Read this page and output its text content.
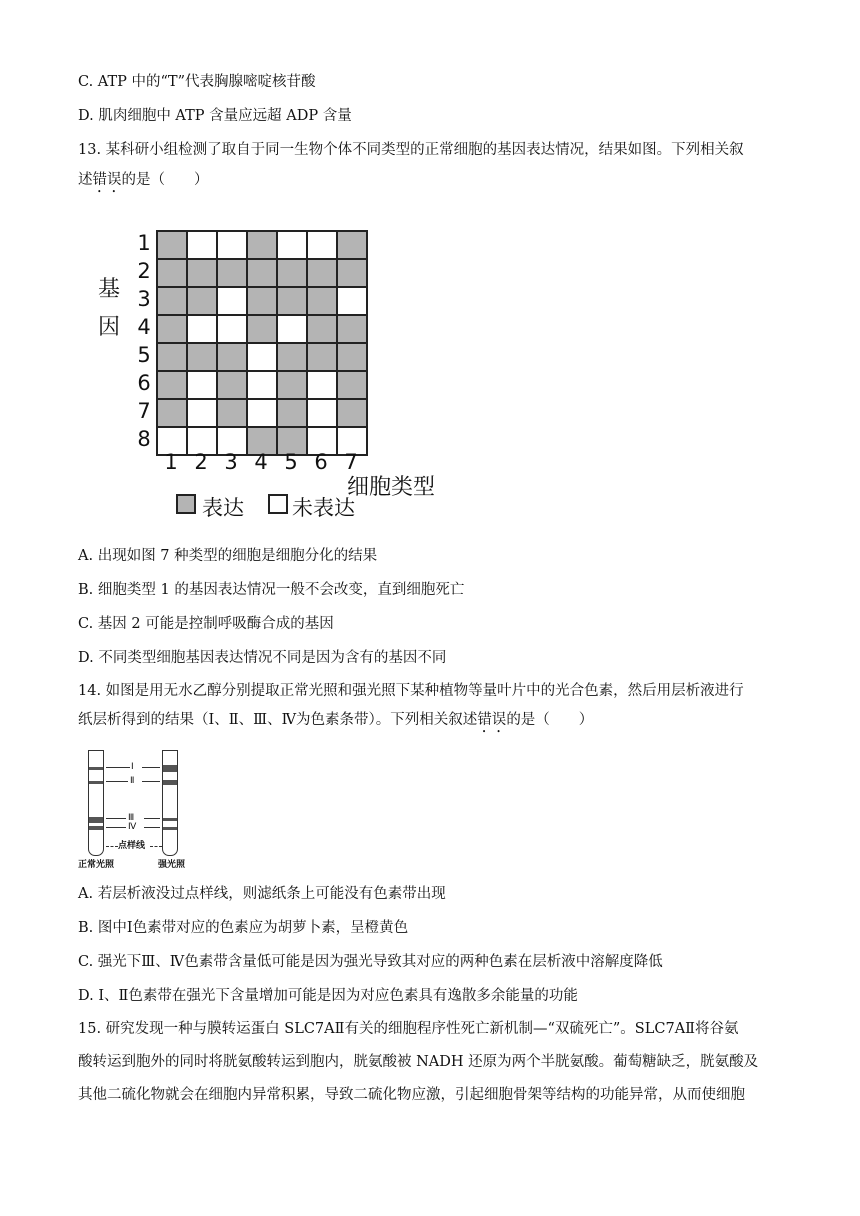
C. ATP 中的“T”代表胸腺嘧啶核苷酸
D. 肌肉细胞中 ATP 含量应远超 ADP 含量
13. 某科研小组检测了取自于同一生物个体不同类型的正常细胞的基因表达情况，结果如图。下列相关叙
述错误的是（　　）
基
因
1
2
3
4
5
6
7
8
1 2 3 4 5 6 7
细胞类型
表达 未表达
A. 出现如图 7 种类型的细胞是细胞分化的结果
B. 细胞类型 1 的基因表达情况一般不会改变，直到细胞死亡
C. 基因 2 可能是控制呼吸酶合成的基因
D. 不同类型细胞基因表达情况不同是因为含有的基因不同
14. 如图是用无水乙醇分别提取正常光照和强光照下某种植物等量叶片中的光合色素，然后用层析液进行
纸层析得到的结果（Ⅰ、Ⅱ、Ⅲ、Ⅳ为色素条带）。下列相关叙述错误的是（　　）
Ⅰ
Ⅱ
Ⅲ
Ⅳ
点样线
正常光照	强光照
A. 若层析液没过点样线，则滤纸条上可能没有色素带出现
B. 图中Ⅰ色素带对应的色素应为胡萝卜素，呈橙黄色
C. 强光下Ⅲ、Ⅳ色素带含量低可能是因为强光导致其对应的两种色素在层析液中溶解度降低
D. Ⅰ、Ⅱ色素带在强光下含量增加可能是因为对应色素具有逸散多余能量的功能
15. 研究发现一种与膜转运蛋白 SLC7AⅡ有关的细胞程序性死亡新机制—“双硫死亡”。SLC7AⅡ将谷氨
酸转运到胞外的同时将胱氨酸转运到胞内，胱氨酸被 NADH 还原为两个半胱氨酸。葡萄糖缺乏，胱氨酸及
其他二硫化物就会在细胞内异常积累，导致二硫化物应激，引起细胞骨架等结构的功能异常，从而使细胞
